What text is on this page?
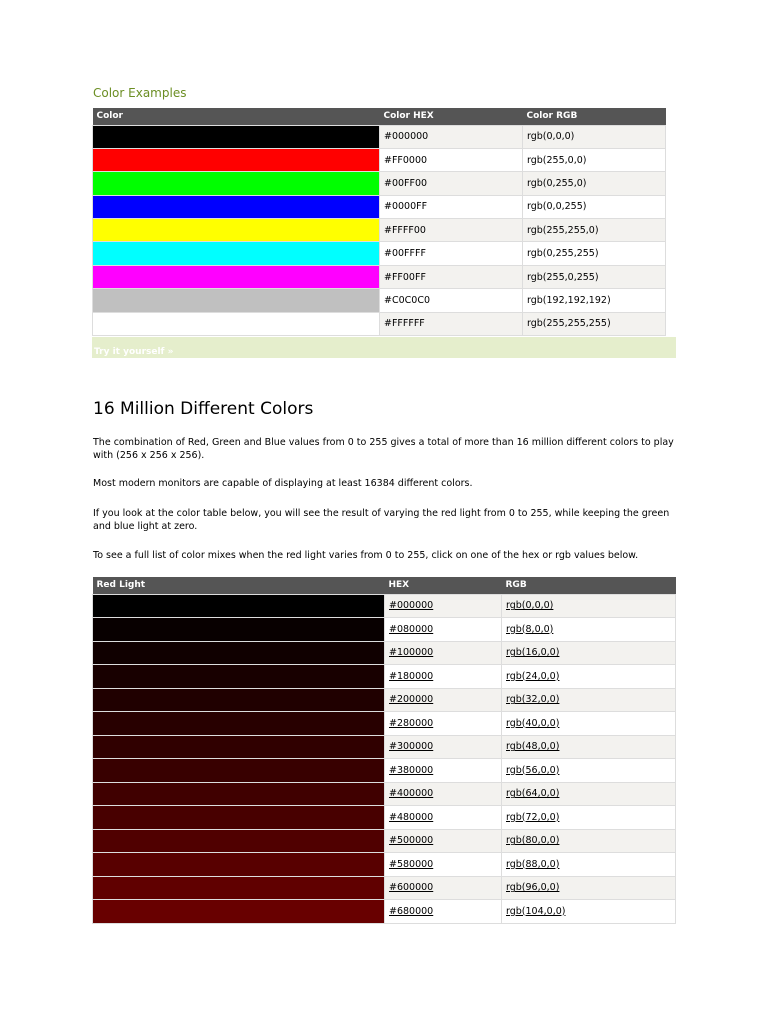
Color Examples
Color	Color HEX	Color RGB
	#000000	rgb(0,0,0)
	#FF0000	rgb(255,0,0)
	#00FF00	rgb(0,255,0)
	#0000FF	rgb(0,0,255)
	#FFFF00	rgb(255,255,0)
	#00FFFF	rgb(0,255,255)
	#FF00FF	rgb(255,0,255)
	#C0C0C0	rgb(192,192,192)
	#FFFFFF	rgb(255,255,255)
Try it yourself »
16 Million Different Colors

The combination of Red, Green and Blue values from 0 to 255 gives a total of more than 16 million different colors to play with (256 x 256 x 256).

Most modern monitors are capable of displaying at least 16384 different colors.

If you look at the color table below, you will see the result of varying the red light from 0 to 255, while keeping the green and blue light at zero.

To see a full list of color mixes when the red light varies from 0 to 255, click on one of the hex or rgb values below.

Red Light	HEX	RGB
	#000000	rgb(0,0,0)
	#080000	rgb(8,0,0)
	#100000	rgb(16,0,0)
	#180000	rgb(24,0,0)
	#200000	rgb(32,0,0)
	#280000	rgb(40,0,0)
	#300000	rgb(48,0,0)
	#380000	rgb(56,0,0)
	#400000	rgb(64,0,0)
	#480000	rgb(72,0,0)
	#500000	rgb(80,0,0)
	#580000	rgb(88,0,0)
	#600000	rgb(96,0,0)
	#680000	rgb(104,0,0)
